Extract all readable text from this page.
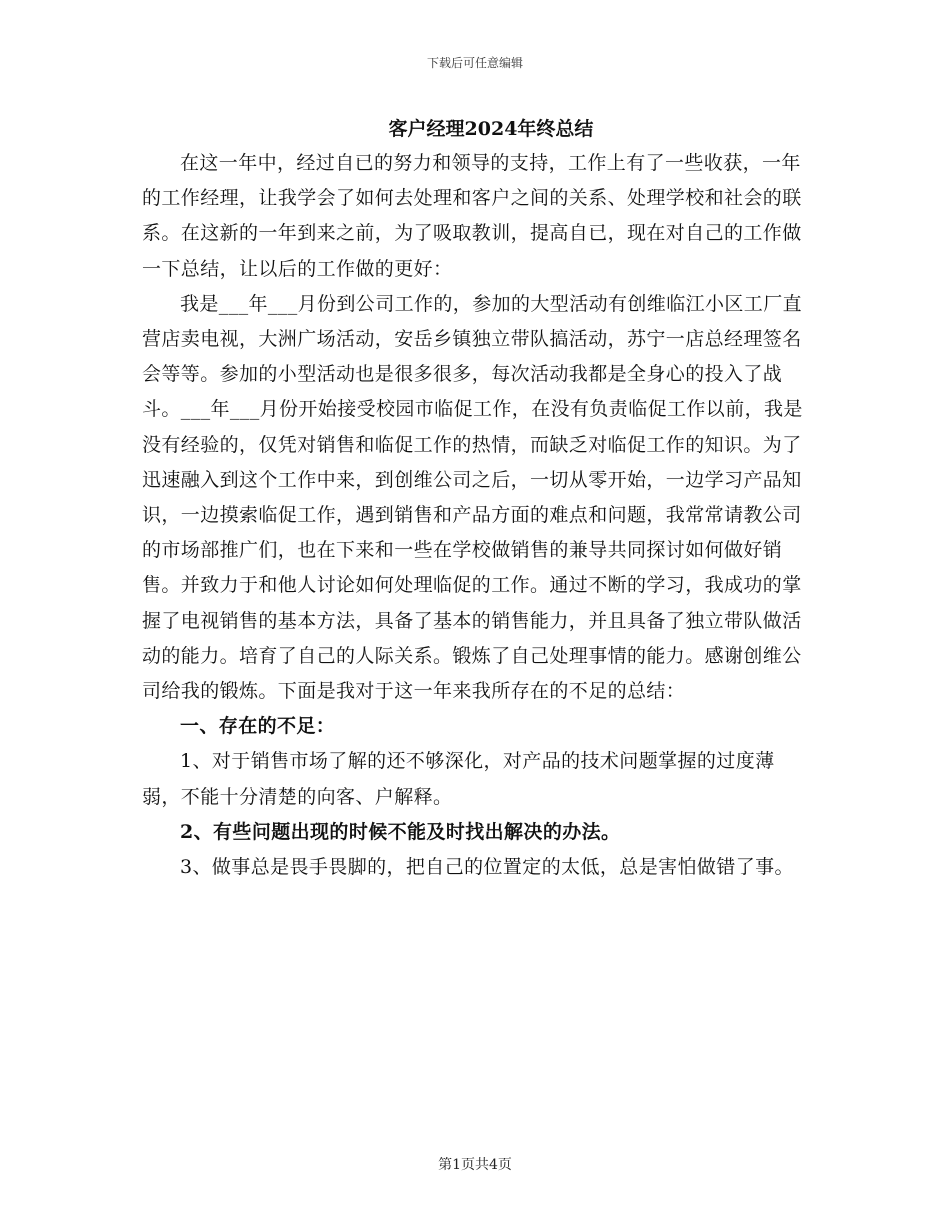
下载后可任意编辑
客户经理2024年终总结

在这一年中，经过自已的努力和领导的支持，工作上有了一些收获，一年的工作经理，让我学会了如何去处理和客户之间的关系、处理学校和社会的联系。在这新的一年到来之前，为了吸取教训，提高自已，现在对自己的工作做一下总结，让以后的工作做的更好：

我是___年___月份到公司工作的，参加的大型活动有创维临江小区工厂直营店卖电视，大洲广场活动，安岳乡镇独立带队搞活动，苏宁一店总经理签名会等等。参加的小型活动也是很多很多，每次活动我都是全身心的投入了战斗。___年___月份开始接受校园市临促工作，在没有负责临促工作以前，我是没有经验的，仅凭对销售和临促工作的热情，而缺乏对临促工作的知识。为了迅速融入到这个工作中来，到创维公司之后，一切从零开始，一边学习产品知识，一边摸索临促工作，遇到销售和产品方面的难点和问题，我常常请教公司的市场部推广们，也在下来和一些在学校做销售的兼导共同探讨如何做好销售。并致力于和他人讨论如何处理临促的工作。通过不断的学习，我成功的掌握了电视销售的基本方法，具备了基本的销售能力，并且具备了独立带队做活动的能力。培育了自己的人际关系。锻炼了自己处理事情的能力。感谢创维公司给我的锻炼。下面是我对于这一年来我所存在的不足的总结：

一、存在的不足：

1、对于销售市场了解的还不够深化，对产品的技术问题掌握的过度薄弱，不能十分清楚的向客、户解释。

2、有些问题出现的时候不能及时找出解决的办法。

3、做事总是畏手畏脚的，把自己的位置定的太低，总是害怕做错了事。

第1页共4页
